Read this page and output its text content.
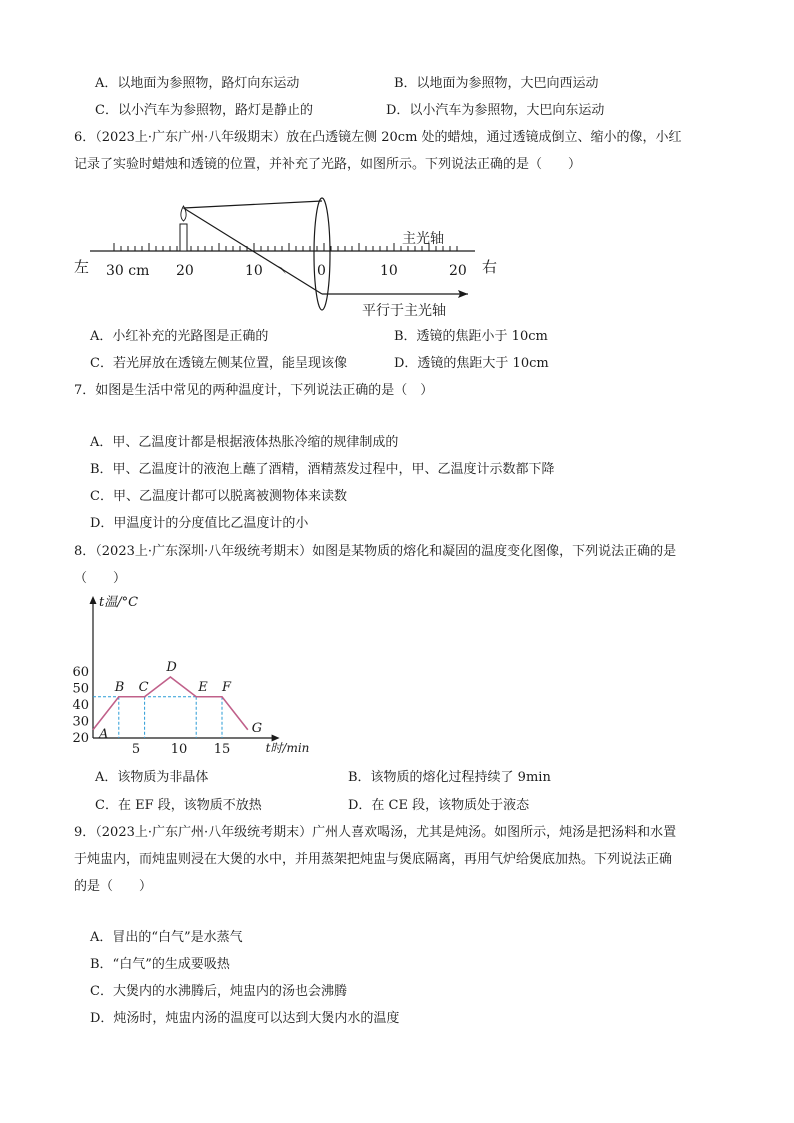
A．以地面为参照物，路灯向东运动	B．以地面为参照物，大巴向西运动
C．以小汽车为参照物，路灯是静止的	D．以小汽车为参照物，大巴向东运动
6．（2023上·广东广州·八年级期末）放在凸透镜左侧 20cm 处的蜡烛，通过透镜成倒立、缩小的像，小红
记录了实验时蜡烛和透镜的位置，并补充了光路，如图所示。下列说法正确的是（　　）
左	右
主光轴
平行于主光轴
30 cm 20	10	0	10	20
A．小红补充的光路图是正确的	B．透镜的焦距小于 10cm
C．若光屏放在透镜左侧某位置，能呈现该像	D．透镜的焦距大于 10cm
7．如图是生活中常见的两种温度计，下列说法正确的是（　）
A．甲、乙温度计都是根据液体热胀冷缩的规律制成的
B．甲、乙温度计的液泡上蘸了酒精，酒精蒸发过程中，甲、乙温度计示数都下降
C．甲、乙温度计都可以脱离被测物体来读数
D．甲温度计的分度值比乙温度计的小
8．（2023上·广东深圳·八年级统考期末）如图是某物质的熔化和凝固的温度变化图像，下列说法正确的是
（　　）
t温/°C
t时/min
20
30
40
50
60
5 10 15
A
B C
D
E F
G
A．该物质为非晶体	B．该物质的熔化过程持续了 9min
C．在 EF 段，该物质不放热	D．在 CE 段，该物质处于液态
9．（2023上·广东广州·八年级统考期末）广州人喜欢喝汤，尤其是炖汤。如图所示，炖汤是把汤料和水置
于炖盅内，而炖盅则浸在大煲的水中，并用蒸架把炖盅与煲底隔离，再用气炉给煲底加热。下列说法正确
的是（　　）
A．冒出的“白气”是水蒸气
B．“白气”的生成要吸热
C．大煲内的水沸腾后，炖盅内的汤也会沸腾
D．炖汤时，炖盅内汤的温度可以达到大煲内水的温度
